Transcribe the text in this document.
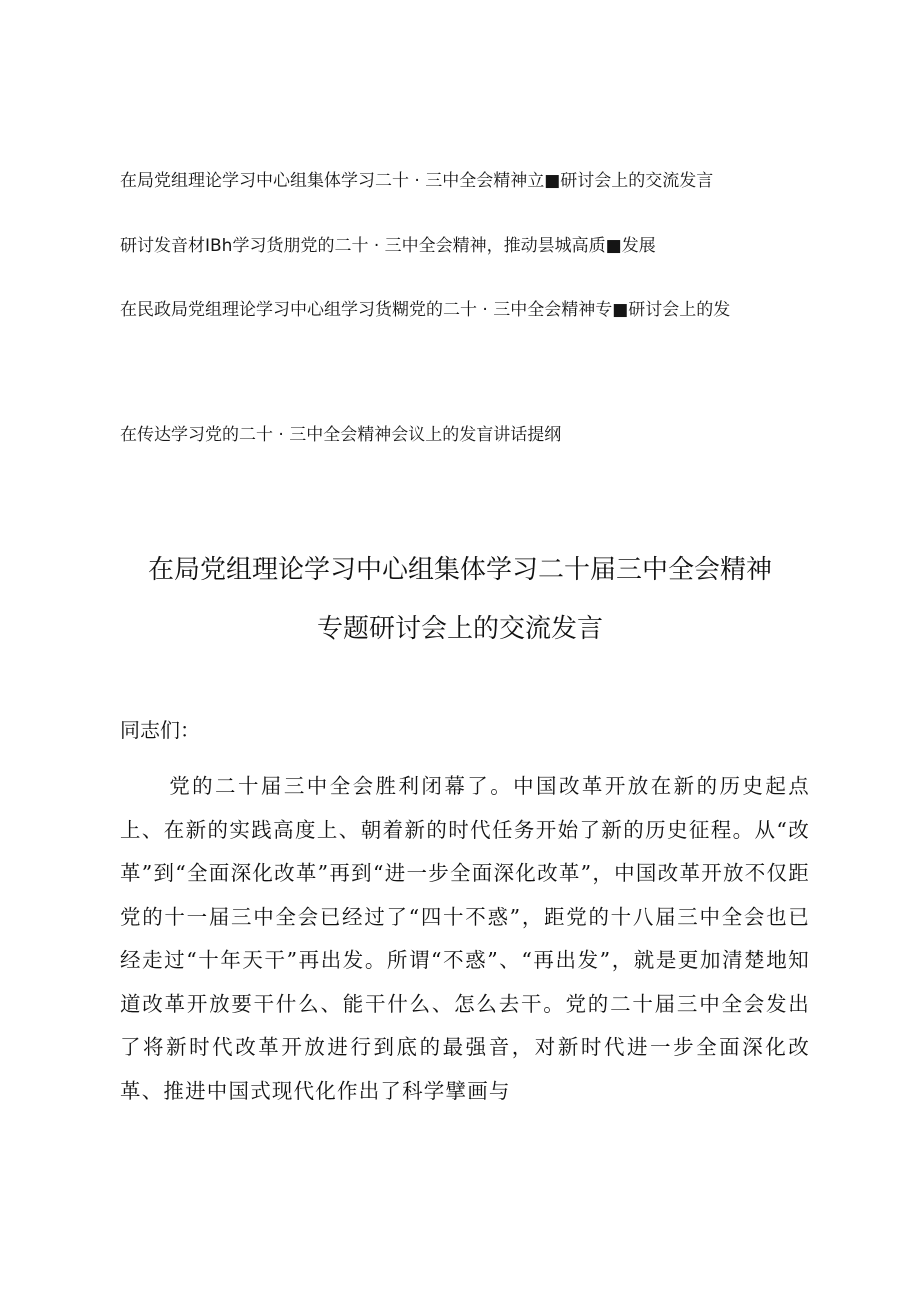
在局党组理论学习中心组集体学习二十 · 三中全会精神立■研讨会上的交流发言
研讨发音材IBh学习货朋党的二十 · 三中全会精神，推动昙城高质■发展
在民政局党组理论学习中心组学习货糊党的二十 · 三中全会精神专■研讨会上的发
在传达学习党的二十 · 三中全会精神会议上的发盲讲话提纲
在局党组理论学习中心组集体学习二十届三中全会精神
专题研讨会上的交流发言
同志们：

党的二十届三中全会胜利闭幕了。中国改革开放在新的历史起点上、在新的实践高度上、朝着新的时代任务开始了新的历史征程。从“改革”到“全面深化改革”再到“进一步全面深化改革”，中国改革开放不仅距党的十一届三中全会已经过了“四十不惑”，距党的十八届三中全会也已经走过“十年天干”再出发。所谓“不惑”、“再出发”，就是更加清楚地知道改革开放要干什么、能干什么、怎么去干。党的二十届三中全会发出了将新时代改革开放进行到底的最强音，对新时代进一步全面深化改革、推进中国式现代化作出了科学擘画与
